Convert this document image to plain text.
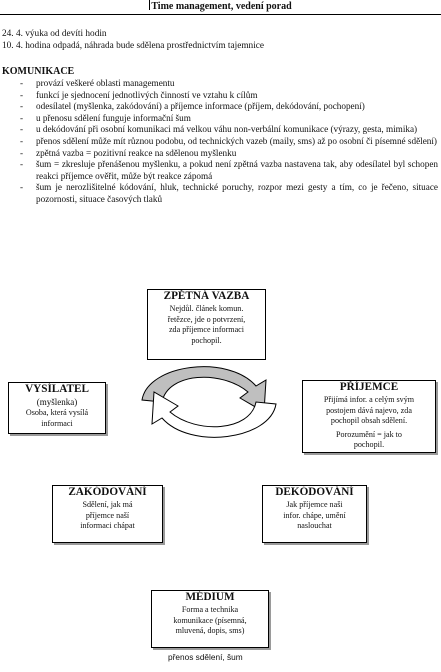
Time management, vedení porad
24. 4. výuka od devíti hodin
10. 4. hodina odpadá, náhrada bude sdělena prostřednictvím tajemnice
KOMUNIKACE
- provází veškeré oblasti managementu
- funkcí je sjednocení jednotlivých činností ve vztahu k cílům
- odesílatel (myšlenka, zakódování) a příjemce informace (příjem, dekódování, pochopení)
- u přenosu sdělení funguje informační šum
- u dekódování při osobní komunikaci má velkou váhu non-verbální komunikace (výrazy, gesta, mimika)
- přenos sdělení může mít různou podobu, od technických vazeb (maily, sms) až po osobní či písemné sdělení)
- zpětná vazba = pozitivní reakce na sdělenou myšlenku
- šum = zkresluje přenášenou myšlenku, a pokud není zpětná vazba nastavena tak, aby odesílatel byl schopen reakci příjemce ověřit, může být reakce zápomá
- šum je nerozlišitelné kódování, hluk, technické poruchy, rozpor mezi gesty a tím, co je řečeno, situace pozornosti, situace časových tlaků
ZPĚTNÁ VAZBA
Nejdůl. článek komun.
řetězce, jde o potvrzení,
zda příjemce informaci
pochopil.
VYSÍLATEL
(myšlenka)
Osoba, která vysílá
informaci
PŘÍJEMCE
Přijímá infor. a celým svým
postojem dává najevo, zda
pochopil obsah sdělení.
Porozumění = jak to
pochopil.
ZAKÓDOVÁNÍ
Sdělení, jak má
příjemce naší
informaci chápat
DEKÓDOVÁNÍ
Jak příjemce naši
infor. chápe, umění
naslouchat
MÉDIUM
Forma a technika
komunikace (písemná,
mluvená, dopis, sms)
přenos sdělení, šum
